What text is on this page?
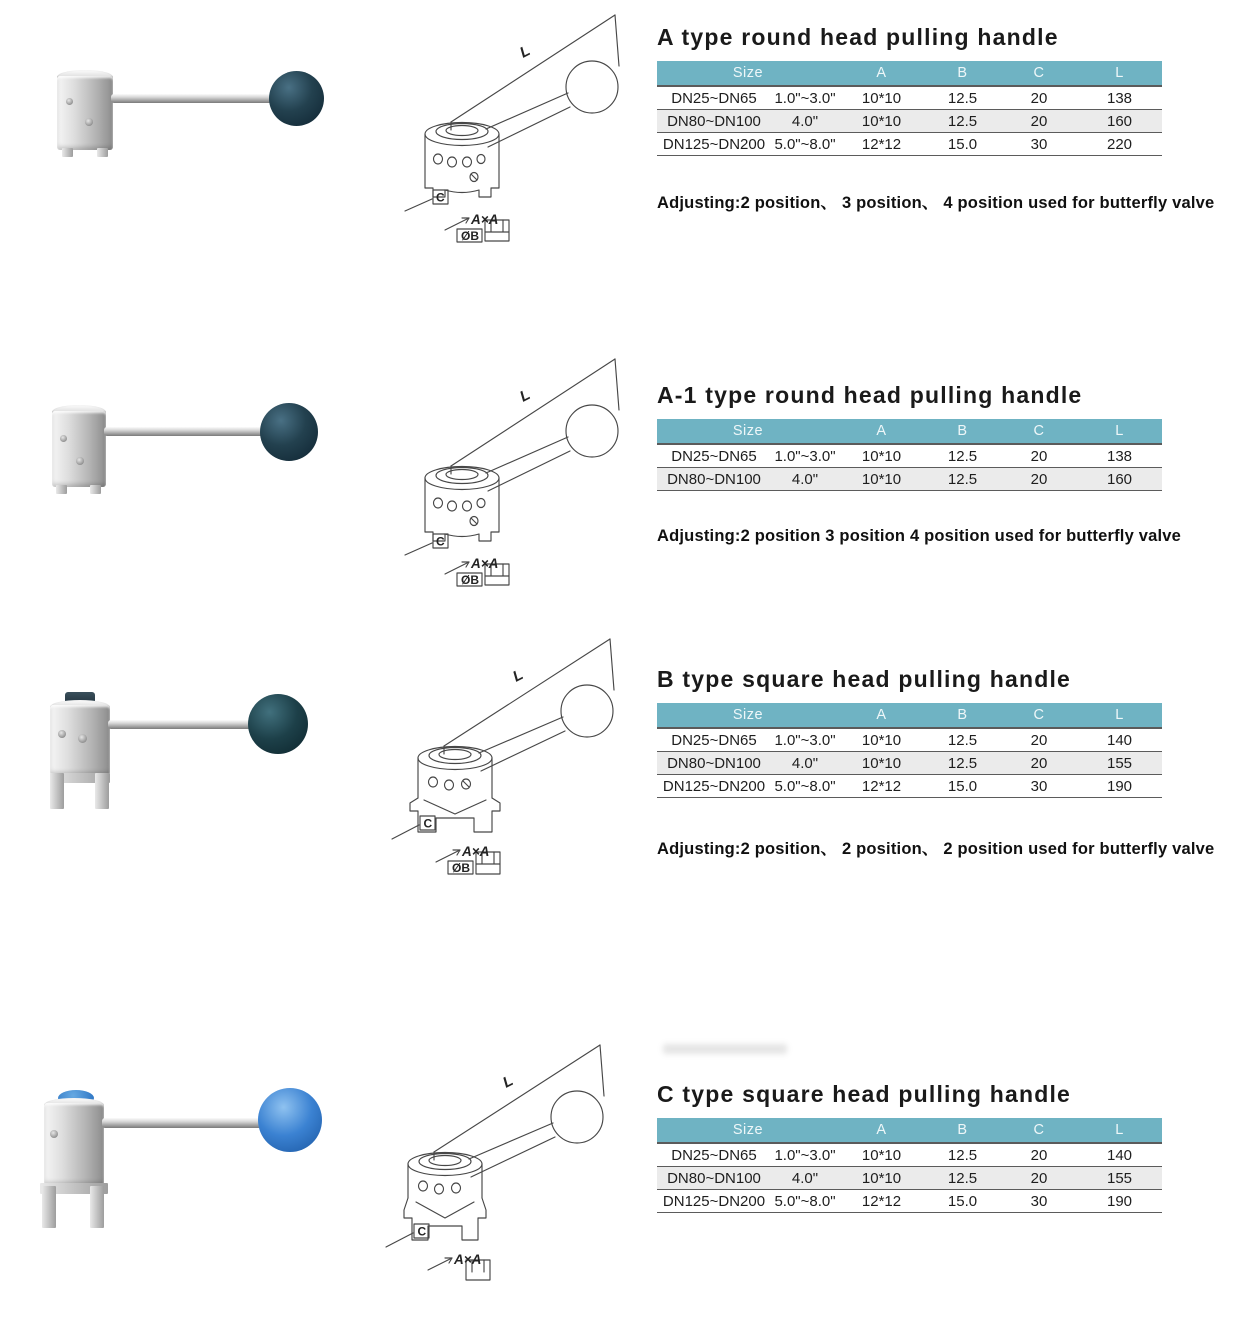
L
C
A×A
ØB
A type round head pulling handle
Size		A	B	C	L
DN25~DN65	1.0"~3.0"	10*10	12.5	20	138
DN80~DN100	4.0"	10*10	12.5	20	160
DN125~DN200	5.0"~8.0"	12*12	15.0	30	220
Adjusting:2 position、 3 position、 4 position used for butterfly valve
L
C
A×A
ØB
A-1 type round head pulling handle
Size		A	B	C	L
DN25~DN65	1.0"~3.0"	10*10	12.5	20	138
DN80~DN100	4.0"	10*10	12.5	20	160
Adjusting:2 position 3 position 4 position used for butterfly valve
L
C
A×A
ØB
B type square head pulling handle
Size		A	B	C	L
DN25~DN65	1.0"~3.0"	10*10	12.5	20	140
DN80~DN100	4.0"	10*10	12.5	20	155
DN125~DN200	5.0"~8.0"	12*12	15.0	30	190
Adjusting:2 position、 2 position、 2 position used for butterfly valve
L
C
A×A
C type square head pulling handle
Size		A	B	C	L
DN25~DN65	1.0"~3.0"	10*10	12.5	20	140
DN80~DN100	4.0"	10*10	12.5	20	155
DN125~DN200	5.0"~8.0"	12*12	15.0	30	190
